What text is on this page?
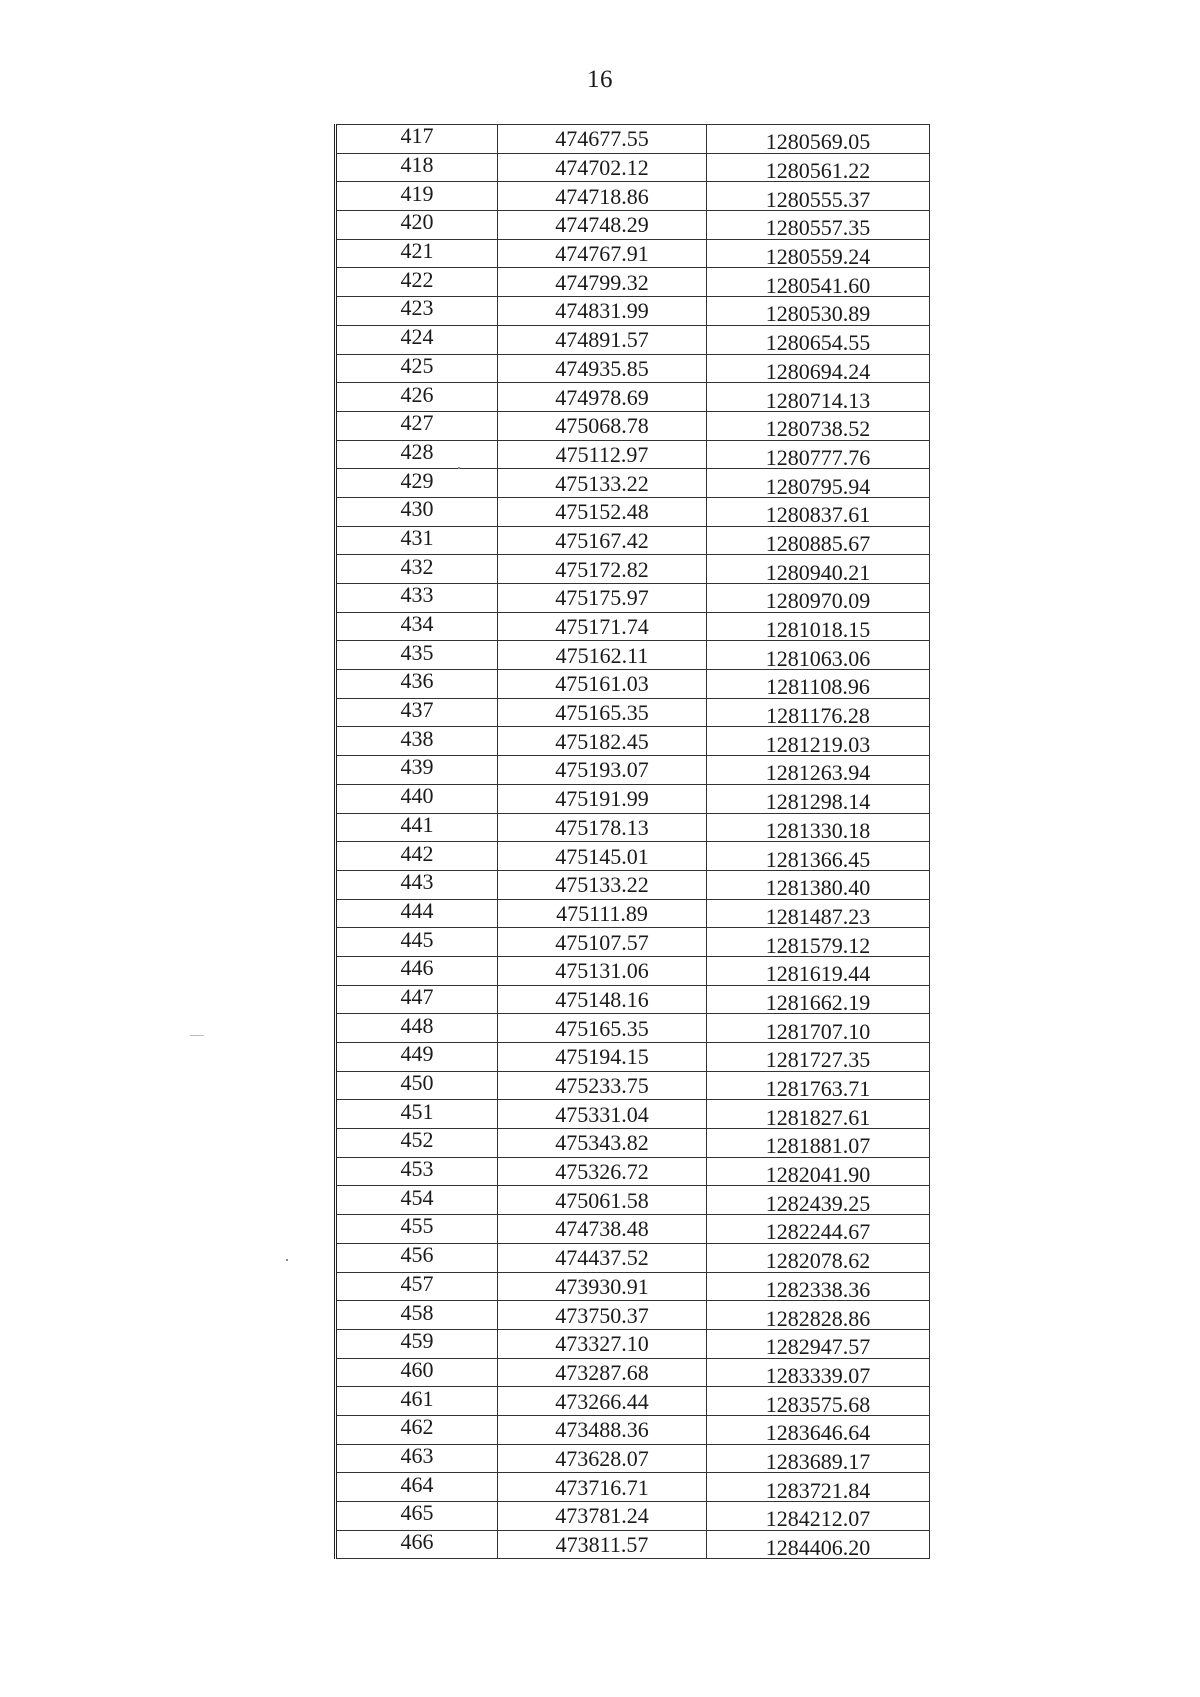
16
417	474677.55	1280569.05
418	474702.12	1280561.22
419	474718.86	1280555.37
420	474748.29	1280557.35
421	474767.91	1280559.24
422	474799.32	1280541.60
423	474831.99	1280530.89
424	474891.57	1280654.55
425	474935.85	1280694.24
426	474978.69	1280714.13
427	475068.78	1280738.52
428	475112.97	1280777.76
429	475133.22	1280795.94
430	475152.48	1280837.61
431	475167.42	1280885.67
432	475172.82	1280940.21
433	475175.97	1280970.09
434	475171.74	1281018.15
435	475162.11	1281063.06
436	475161.03	1281108.96
437	475165.35	1281176.28
438	475182.45	1281219.03
439	475193.07	1281263.94
440	475191.99	1281298.14
441	475178.13	1281330.18
442	475145.01	1281366.45
443	475133.22	1281380.40
444	475111.89	1281487.23
445	475107.57	1281579.12
446	475131.06	1281619.44
447	475148.16	1281662.19
448	475165.35	1281707.10
449	475194.15	1281727.35
450	475233.75	1281763.71
451	475331.04	1281827.61
452	475343.82	1281881.07
453	475326.72	1282041.90
454	475061.58	1282439.25
455	474738.48	1282244.67
456	474437.52	1282078.62
457	473930.91	1282338.36
458	473750.37	1282828.86
459	473327.10	1282947.57
460	473287.68	1283339.07
461	473266.44	1283575.68
462	473488.36	1283646.64
463	473628.07	1283689.17
464	473716.71	1283721.84
465	473781.24	1284212.07
466	473811.57	1284406.20
